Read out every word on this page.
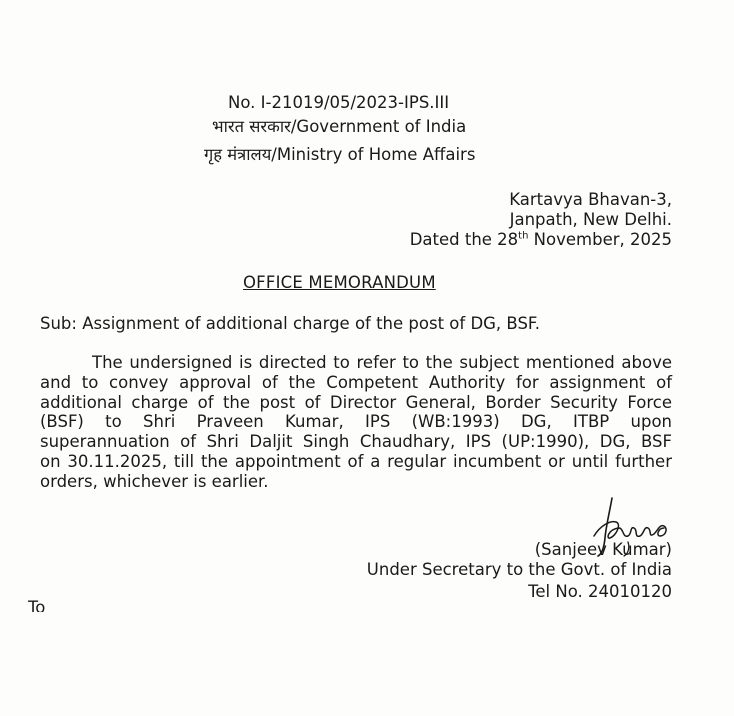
No. I-21019/05/2023-IPS.III
भारत सरकार/Government of India
गृह मंत्रालय/Ministry of Home Affairs
Kartavya Bhavan-3,
Janpath, New Delhi.
Dated the 28th November, 2025
OFFICE MEMORANDUM
Sub: Assignment of additional charge of the post of DG, BSF.
The undersigned is directed to refer to the subject mentioned above
and to convey approval of the Competent Authority for assignment of
additional charge of the post of Director General, Border Security Force
(BSF) to Shri Praveen Kumar, IPS (WB:1993) DG, ITBP upon
superannuation of Shri Daljit Singh Chaudhary, IPS (UP:1990), DG, BSF
on 30.11.2025, till the appointment of a regular incumbent or until further
orders, whichever is earlier.
(Sanjeev Kumar)
Under Secretary to the Govt. of India
Tel No. 24010120
To
